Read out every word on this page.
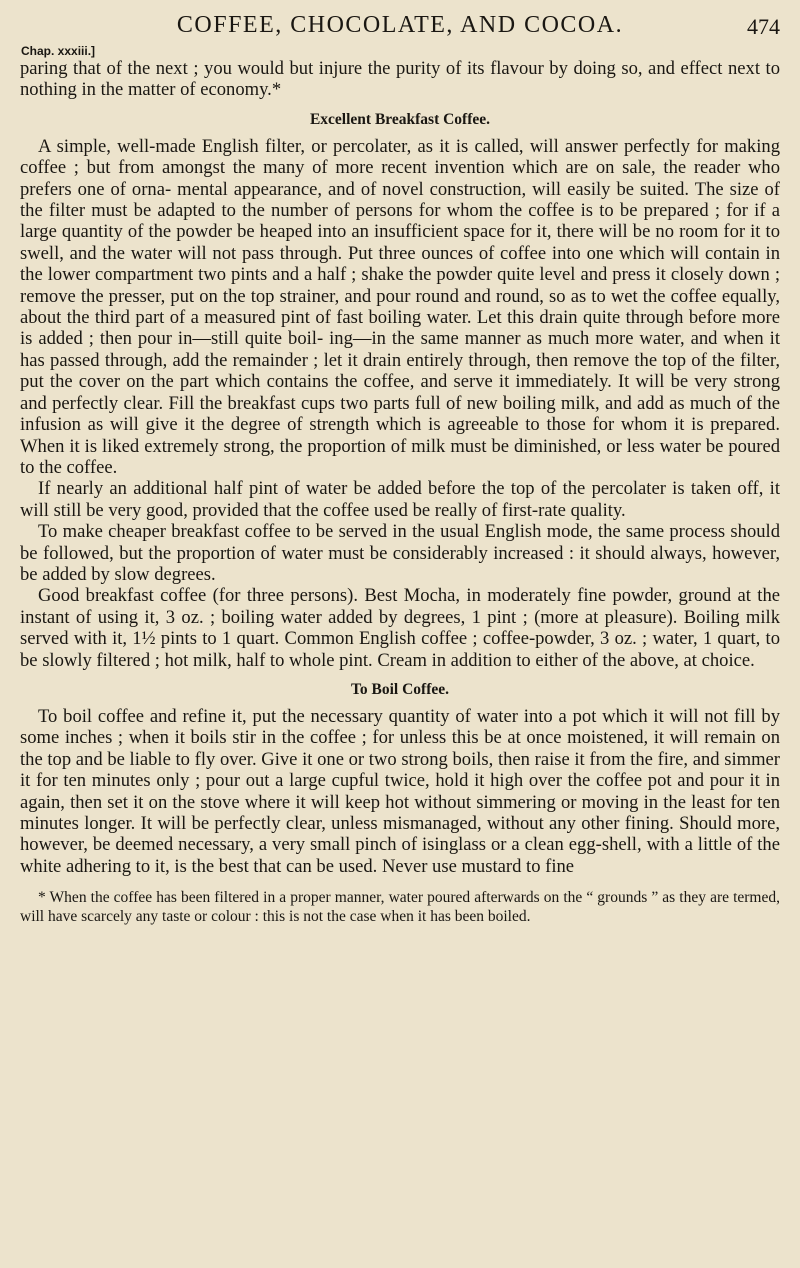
COFFEE, CHOCOLATE, AND COCOA.	474
Chap. xxxiii.]

paring that of the next ; you would but injure the purity of its flavour by doing so, and effect next to nothing in the matter of economy.*

Excellent Breakfast Coffee.

A simple, well-made English filter, or percolater, as it is called, will answer perfectly for making coffee ; but from amongst the many of more recent invention which are on sale, the reader who prefers one of orna- mental appearance, and of novel construction, will easily be suited. The size of the filter must be adapted to the number of persons for whom the coffee is to be prepared ; for if a large quantity of the powder be heaped into an insufficient space for it, there will be no room for it to swell, and the water will not pass through. Put three ounces of coffee into one which will contain in the lower compartment two pints and a half ; shake the powder quite level and press it closely down ; remove the presser, put on the top strainer, and pour round and round, so as to wet the coffee equally, about the third part of a measured pint of fast boiling water. Let this drain quite through before more is added ; then pour in—still quite boil- ing—in the same manner as much more water, and when it has passed through, add the remainder ; let it drain entirely through, then remove the top of the filter, put the cover on the part which contains the coffee, and serve it immediately. It will be very strong and perfectly clear. Fill the breakfast cups two parts full of new boiling milk, and add as much of the infusion as will give it the degree of strength which is agreeable to those for whom it is prepared. When it is liked extremely strong, the proportion of milk must be diminished, or less water be poured to the coffee.

If nearly an additional half pint of water be added before the top of the percolater is taken off, it will still be very good, provided that the coffee used be really of first-rate quality.

To make cheaper breakfast coffee to be served in the usual English mode, the same process should be followed, but the proportion of water must be considerably increased : it should always, however, be added by slow degrees.

Good breakfast coffee (for three persons). Best Mocha, in moderately fine powder, ground at the instant of using it, 3 oz. ; boiling water added by degrees, 1 pint ; (more at pleasure). Boiling milk served with it, 1½ pints to 1 quart. Common English coffee ; coffee-powder, 3 oz. ; water, 1 quart, to be slowly filtered ; hot milk, half to whole pint. Cream in addition to either of the above, at choice.

To Boil Coffee.

To boil coffee and refine it, put the necessary quantity of water into a pot which it will not fill by some inches ; when it boils stir in the coffee ; for unless this be at once moistened, it will remain on the top and be liable to fly over. Give it one or two strong boils, then raise it from the fire, and simmer it for ten minutes only ; pour out a large cupful twice, hold it high over the coffee pot and pour it in again, then set it on the stove where it will keep hot without simmering or moving in the least for ten minutes longer. It will be perfectly clear, unless mismanaged, without any other fining. Should more, however, be deemed necessary, a very small pinch of isinglass or a clean egg-shell, with a little of the white adhering to it, is the best that can be used. Never use mustard to fine

* When the coffee has been filtered in a proper manner, water poured afterwards on the “ grounds ” as they are termed, will have scarcely any taste or colour : this is not the case when it has been boiled.
